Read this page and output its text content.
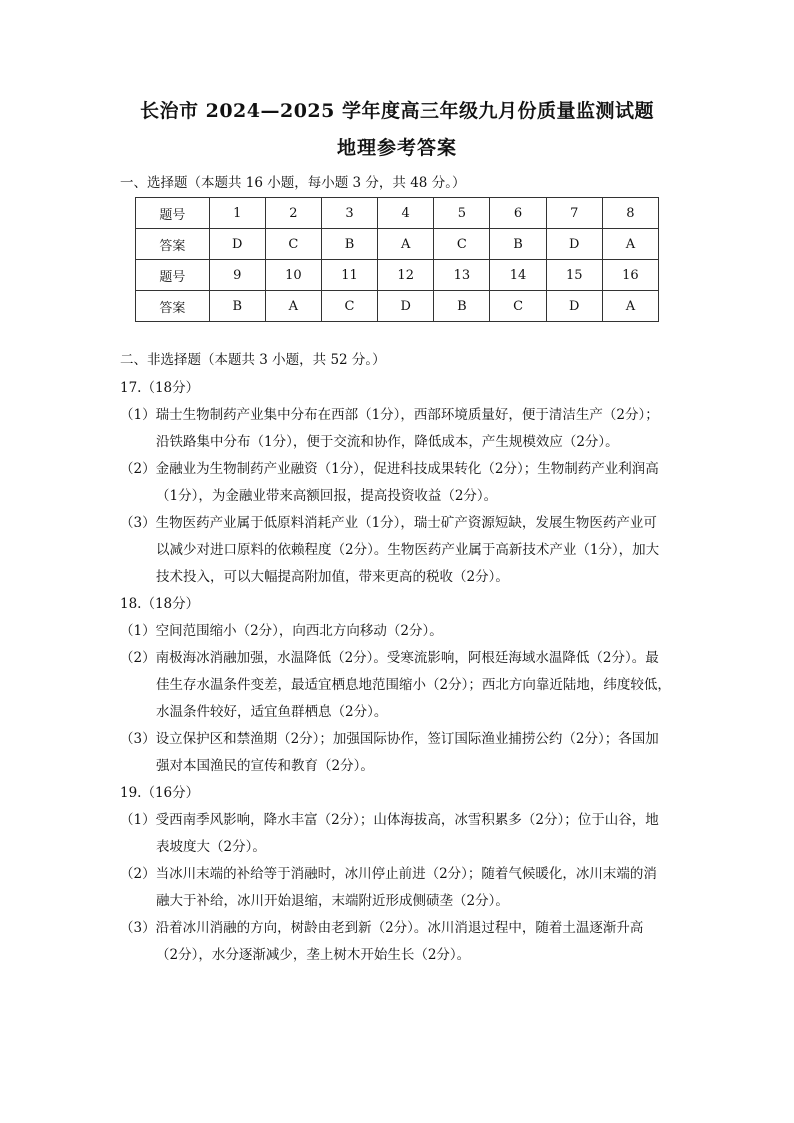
长治市 2024—2025 学年度高三年级九月份质量监测试题
地理参考答案
一、选择题（本题共 16 小题，每小题 3 分，共 48 分。）
题号	1	2	3	4	5	6	7	8
答案	D	C	B	A	C	B	D	A
题号	9	10	11	12	13	14	15	16
答案	B	A	C	D	B	C	D	A
二、非选择题（本题共 3 小题，共 52 分。）
17.（18分）
（1）瑞士生物制药产业集中分布在西部（1分），西部环境质量好，便于清洁生产（2分）；
沿铁路集中分布（1分），便于交流和协作，降低成本，产生规模效应（2分）。
（2）金融业为生物制药产业融资（1分），促进科技成果转化（2分）；生物制药产业利润高
（1分），为金融业带来高额回报，提高投资收益（2分）。
（3）生物医药产业属于低原料消耗产业（1分），瑞士矿产资源短缺，发展生物医药产业可
以减少对进口原料的依赖程度（2分）。生物医药产业属于高新技术产业（1分），加大
技术投入，可以大幅提高附加值，带来更高的税收（2分）。
18.（18分）
（1）空间范围缩小（2分），向西北方向移动（2分）。
（2）南极海冰消融加强，水温降低（2分）。受寒流影响，阿根廷海域水温降低（2分）。最
佳生存水温条件变差，最适宜栖息地范围缩小（2分）；西北方向靠近陆地，纬度较低，
水温条件较好，适宜鱼群栖息（2分）。
（3）设立保护区和禁渔期（2分）；加强国际协作，签订国际渔业捕捞公约（2分）；各国加
强对本国渔民的宣传和教育（2分）。
19.（16分）
（1）受西南季风影响，降水丰富（2分）；山体海拔高，冰雪积累多（2分）；位于山谷，地
表坡度大（2分）。
（2）当冰川末端的补给等于消融时，冰川停止前进（2分）；随着气候暖化，冰川末端的消
融大于补给，冰川开始退缩，末端附近形成侧碛垄（2分）。
（3）沿着冰川消融的方向，树龄由老到新（2分）。冰川消退过程中，随着土温逐渐升高
（2分），水分逐渐减少，垄上树木开始生长（2分）。
